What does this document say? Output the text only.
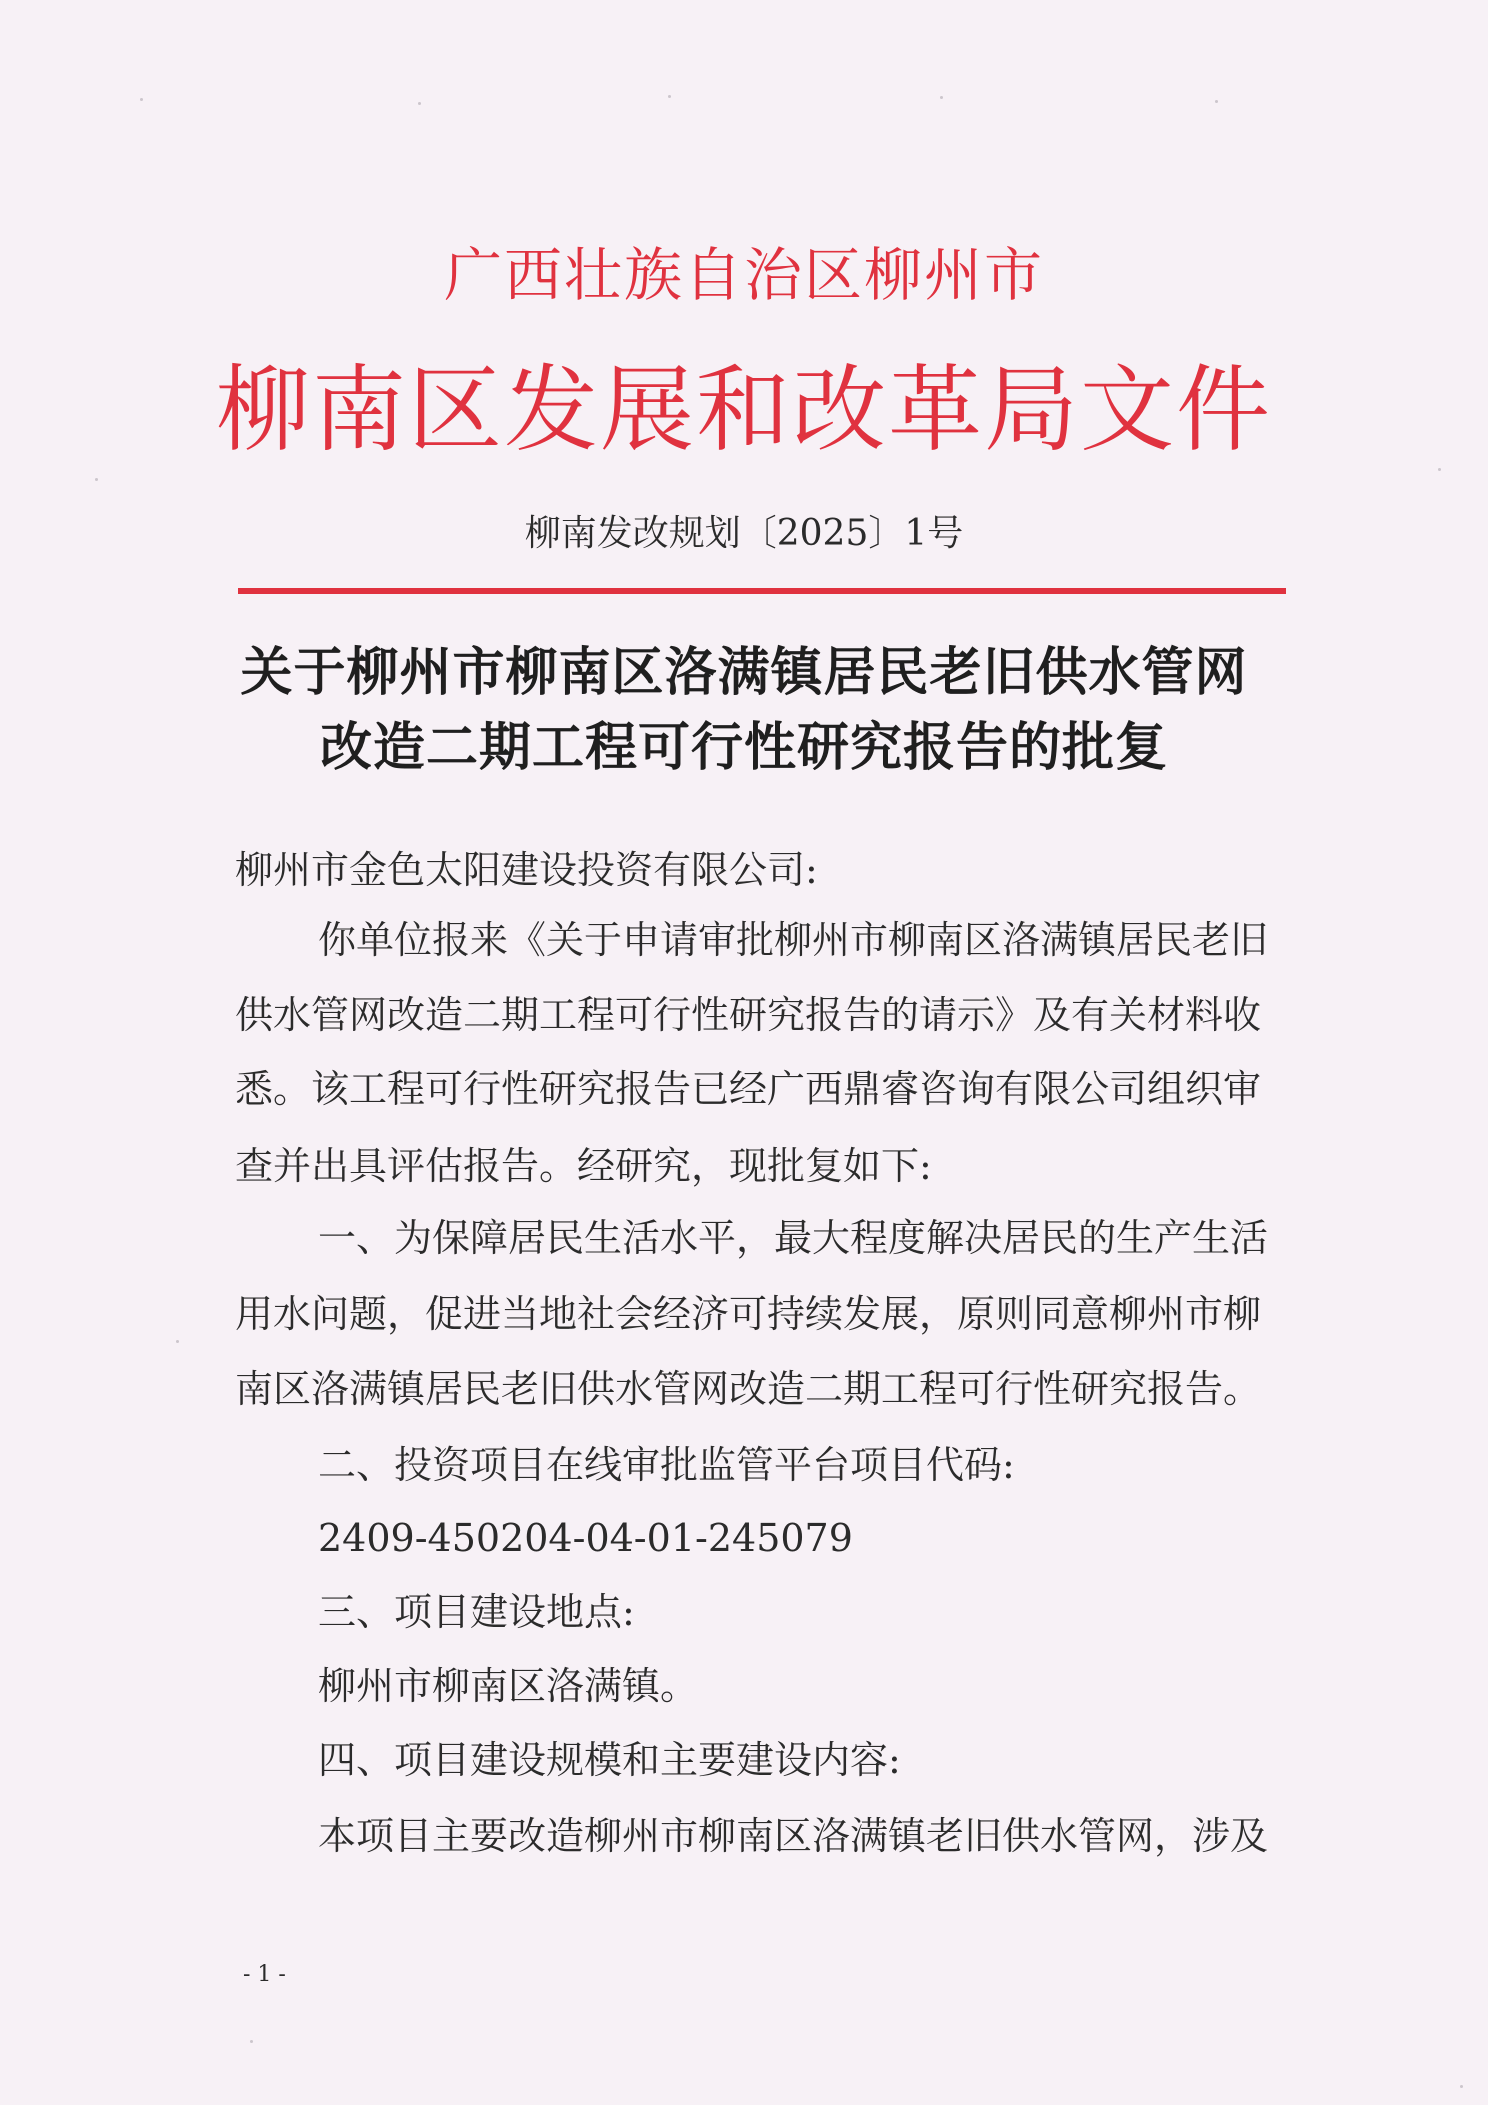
广西壮族自治区柳州市
柳南区发展和改革局文件
柳南发改规划〔2025〕1号
关于柳州市柳南区洛满镇居民老旧供水管网
改造二期工程可行性研究报告的批复
柳州市金色太阳建设投资有限公司:
你单位报来《关于申请审批柳州市柳南区洛满镇居民老旧
供水管网改造二期工程可行性研究报告的请示》及有关材料收
悉。该工程可行性研究报告已经广西鼎睿咨询有限公司组织审
查并出具评估报告。经研究，现批复如下:
一、为保障居民生活水平，最大程度解决居民的生产生活
用水问题，促进当地社会经济可持续发展，原则同意柳州市柳
南区洛满镇居民老旧供水管网改造二期工程可行性研究报告。
二、投资项目在线审批监管平台项目代码:
2409-450204-04-01-245079
三、项目建设地点:
柳州市柳南区洛满镇。
四、项目建设规模和主要建设内容:
本项目主要改造柳州市柳南区洛满镇老旧供水管网，涉及
- 1 -
